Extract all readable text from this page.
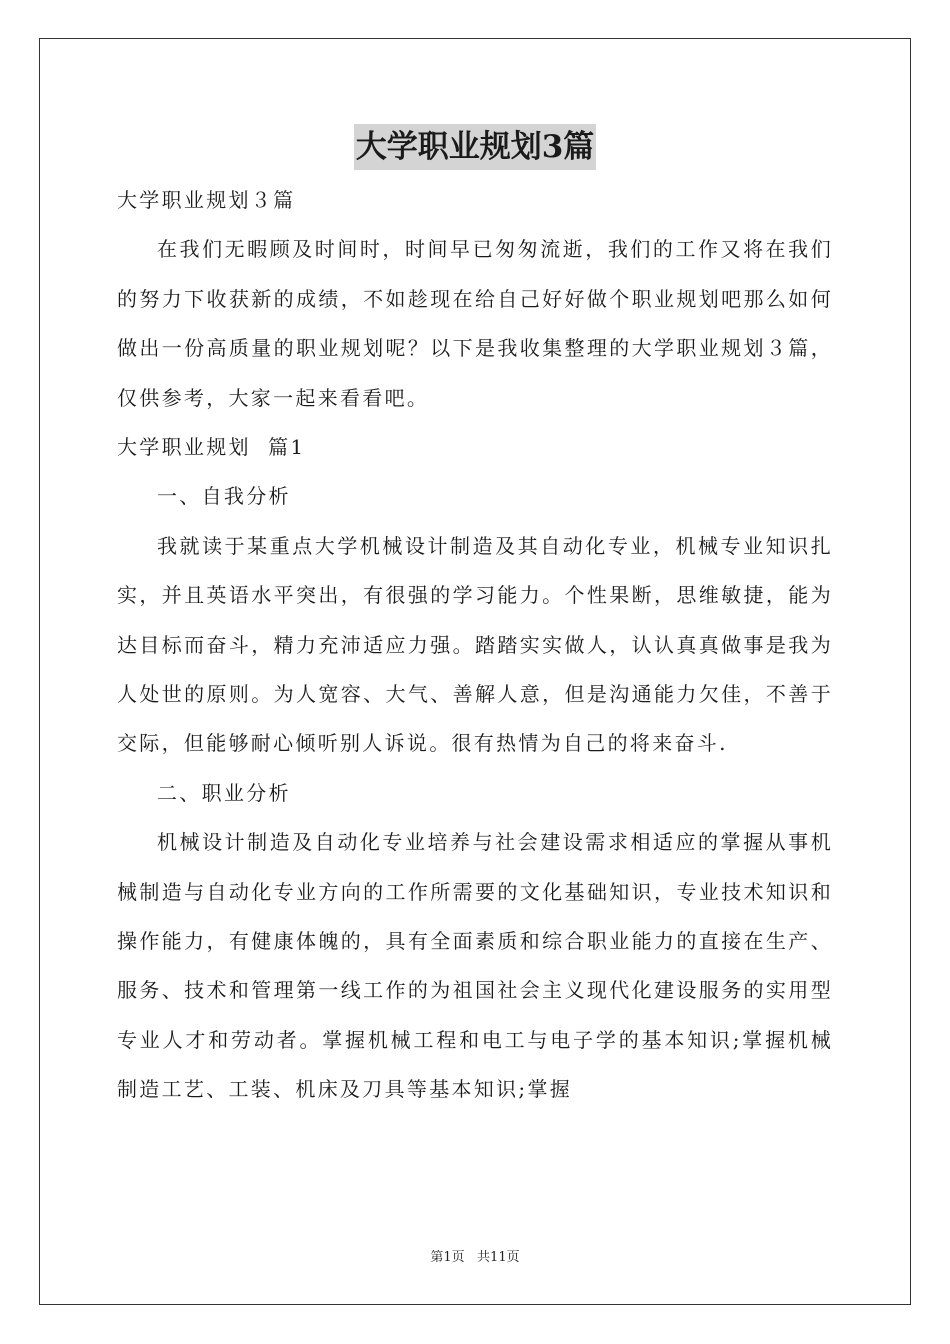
大学职业规划3篇
大学职业规划３篇
在我们无暇顾及时间时，时间早已匆匆流逝，我们的工作又将在我们的努力下收获新的成绩，不如趁现在给自己好好做个职业规划吧那么如何做出一份高质量的职业规划呢？以下是我收集整理的大学职业规划３篇，仅供参考，大家一起来看看吧。
大学职业规划  篇1
一、自我分析
我就读于某重点大学机械设计制造及其自动化专业，机械专业知识扎实，并且英语水平突出，有很强的学习能力。个性果断，思维敏捷，能为达目标而奋斗，精力充沛适应力强。踏踏实实做人，认认真真做事是我为人处世的原则。为人宽容、大气、善解人意，但是沟通能力欠佳，不善于交际，但能够耐心倾听别人诉说。很有热情为自己的将来奋斗.
二、职业分析
机械设计制造及自动化专业培养与社会建设需求相适应的掌握从事机械制造与自动化专业方向的工作所需要的文化基础知识，专业技术知识和操作能力，有健康体魄的，具有全面素质和综合职业能力的直接在生产、服务、技术和管理第一线工作的为祖国社会主义现代化建设服务的实用型专业人才和劳动者。掌握机械工程和电工与电子学的基本知识;掌握机械制造工艺、工装、机床及刀具等基本知识;掌握
第1页   共11页
